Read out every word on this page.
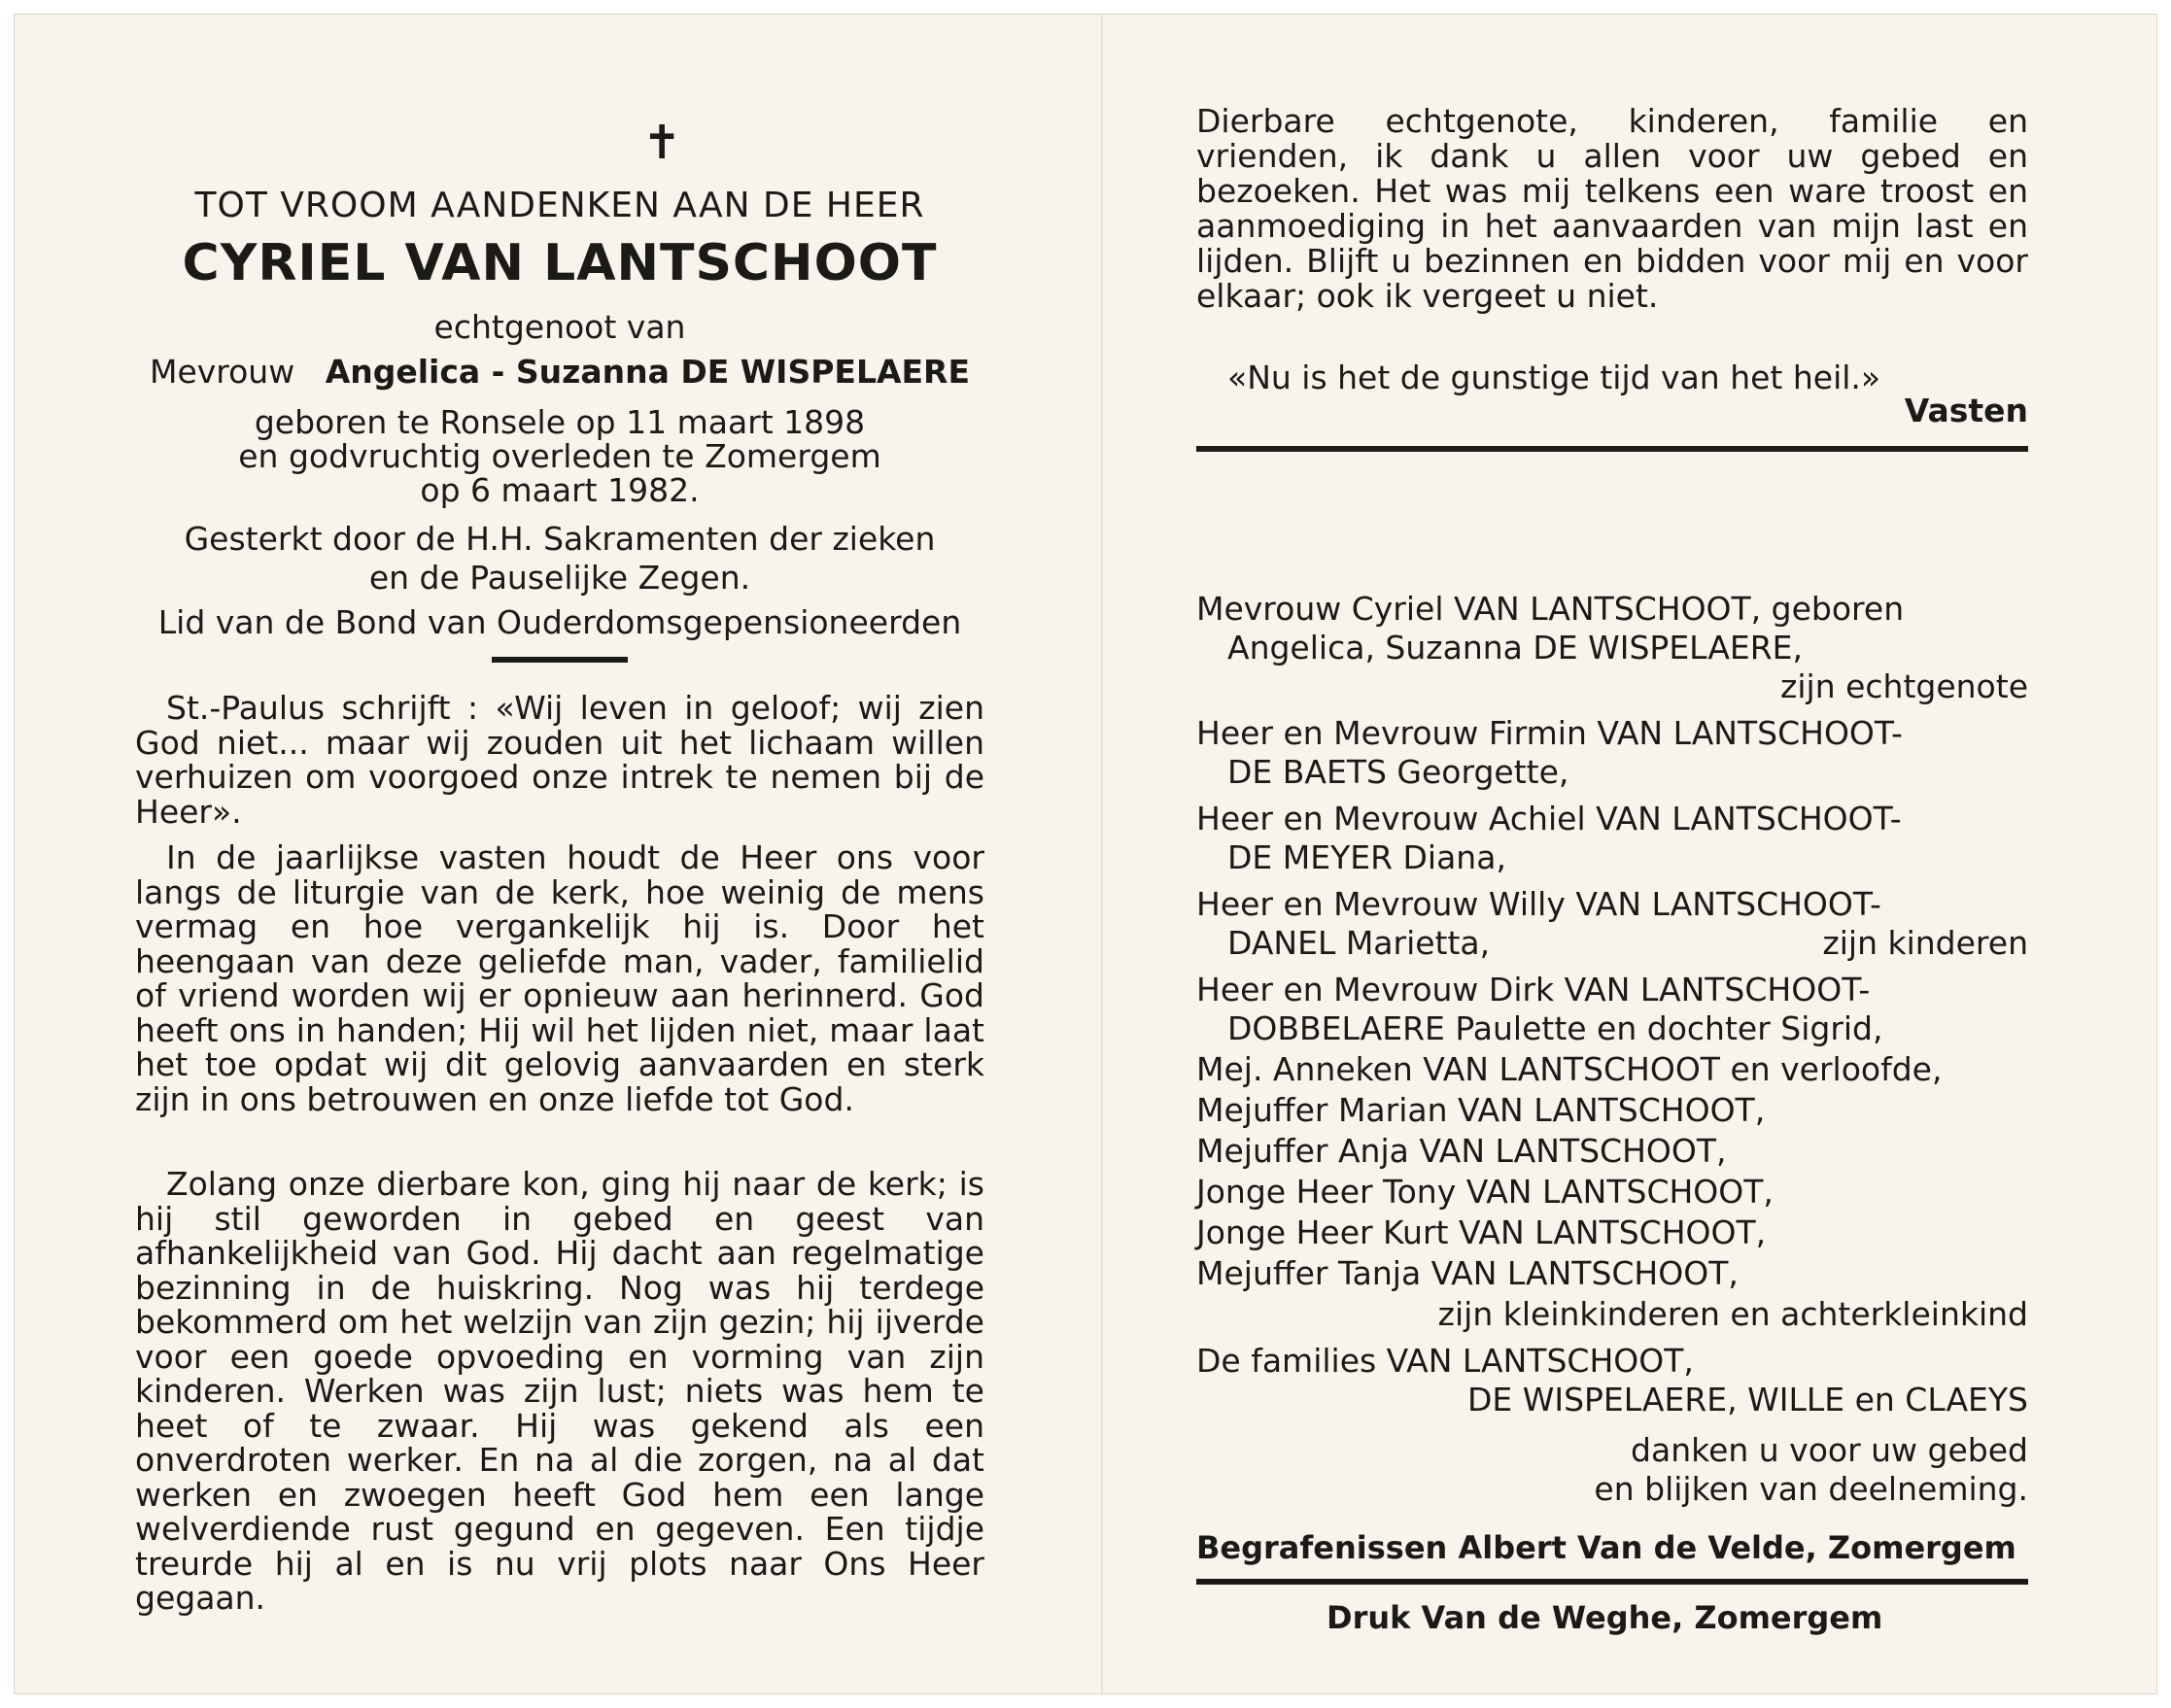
✝
TOT VROOM AANDENKEN AAN DE HEER
CYRIEL VAN LANTSCHOOT
echtgenoot van
Mevrouw Angelica - Suzanna DE WISPELAERE
geboren te Ronsele op 11 maart 1898
en godvruchtig overleden te Zomergem
op 6 maart 1982.
Gesterkt door de H.H. Sakramenten der zieken
en de Pauselijke Zegen.
Lid van de Bond van Ouderdomsgepensioneerden

St.-Paulus schrijft : «Wij leven in geloof; wij zien God niet... maar wij zouden uit het lichaam willen verhuizen om voorgoed onze intrek te nemen bij de Heer».

In de jaarlijkse vasten houdt de Heer ons voor langs de liturgie van de kerk, hoe weinig de mens vermag en hoe vergankelijk hij is. Door het heengaan van deze geliefde man, vader, familielid of vriend worden wij er opnieuw aan herinnerd. God heeft ons in handen; Hij wil het lijden niet, maar laat het toe opdat wij dit gelovig aanvaarden en sterk zijn in ons betrouwen en onze liefde tot God.

Zolang onze dierbare kon, ging hij naar de kerk; is hij stil geworden in gebed en geest van afhankelijkheid van God. Hij dacht aan regelmatige bezinning in de huiskring. Nog was hij terdege bekommerd om het welzijn van zijn gezin; hij ijverde voor een goede opvoeding en vorming van zijn kinderen. Werken was zijn lust; niets was hem te heet of te zwaar. Hij was gekend als een onverdroten werker. En na al die zorgen, na al dat werken en zwoegen heeft God hem een lange welverdiende rust gegund en gegeven. Een tijdje treurde hij al en is nu vrij plots naar Ons Heer gegaan.

Dierbare echtgenote, kinderen, familie en vrienden, ik dank u allen voor uw gebed en bezoeken. Het was mij telkens een ware troost en aanmoediging in het aanvaarden van mijn last en lijden. Blijft u bezinnen en bidden voor mij en voor elkaar; ook ik vergeet u niet.

«Nu is het de gunstige tijd van het heil.»
Vasten
Mevrouw Cyriel VAN LANTSCHOOT, geboren
Angelica, Suzanna DE WISPELAERE,
zijn echtgenote
Heer en Mevrouw Firmin VAN LANTSCHOOT-
DE BAETS Georgette,
Heer en Mevrouw Achiel VAN LANTSCHOOT-
DE MEYER Diana,
Heer en Mevrouw Willy VAN LANTSCHOOT-
DANEL Marietta,	zijn kinderen
Heer en Mevrouw Dirk VAN LANTSCHOOT-
DOBBELAERE Paulette en dochter Sigrid,
Mej. Anneken VAN LANTSCHOOT en verloofde,
Mejuffer Marian VAN LANTSCHOOT,
Mejuffer Anja VAN LANTSCHOOT,
Jonge Heer Tony VAN LANTSCHOOT,
Jonge Heer Kurt VAN LANTSCHOOT,
Mejuffer Tanja VAN LANTSCHOOT,
zijn kleinkinderen en achterkleinkind
De families VAN LANTSCHOOT,
DE WISPELAERE, WILLE en CLAEYS
danken u voor uw gebed
en blijken van deelneming.
Begrafenissen Albert Van de Velde, Zomergem
Druk Van de Weghe, Zomergem
